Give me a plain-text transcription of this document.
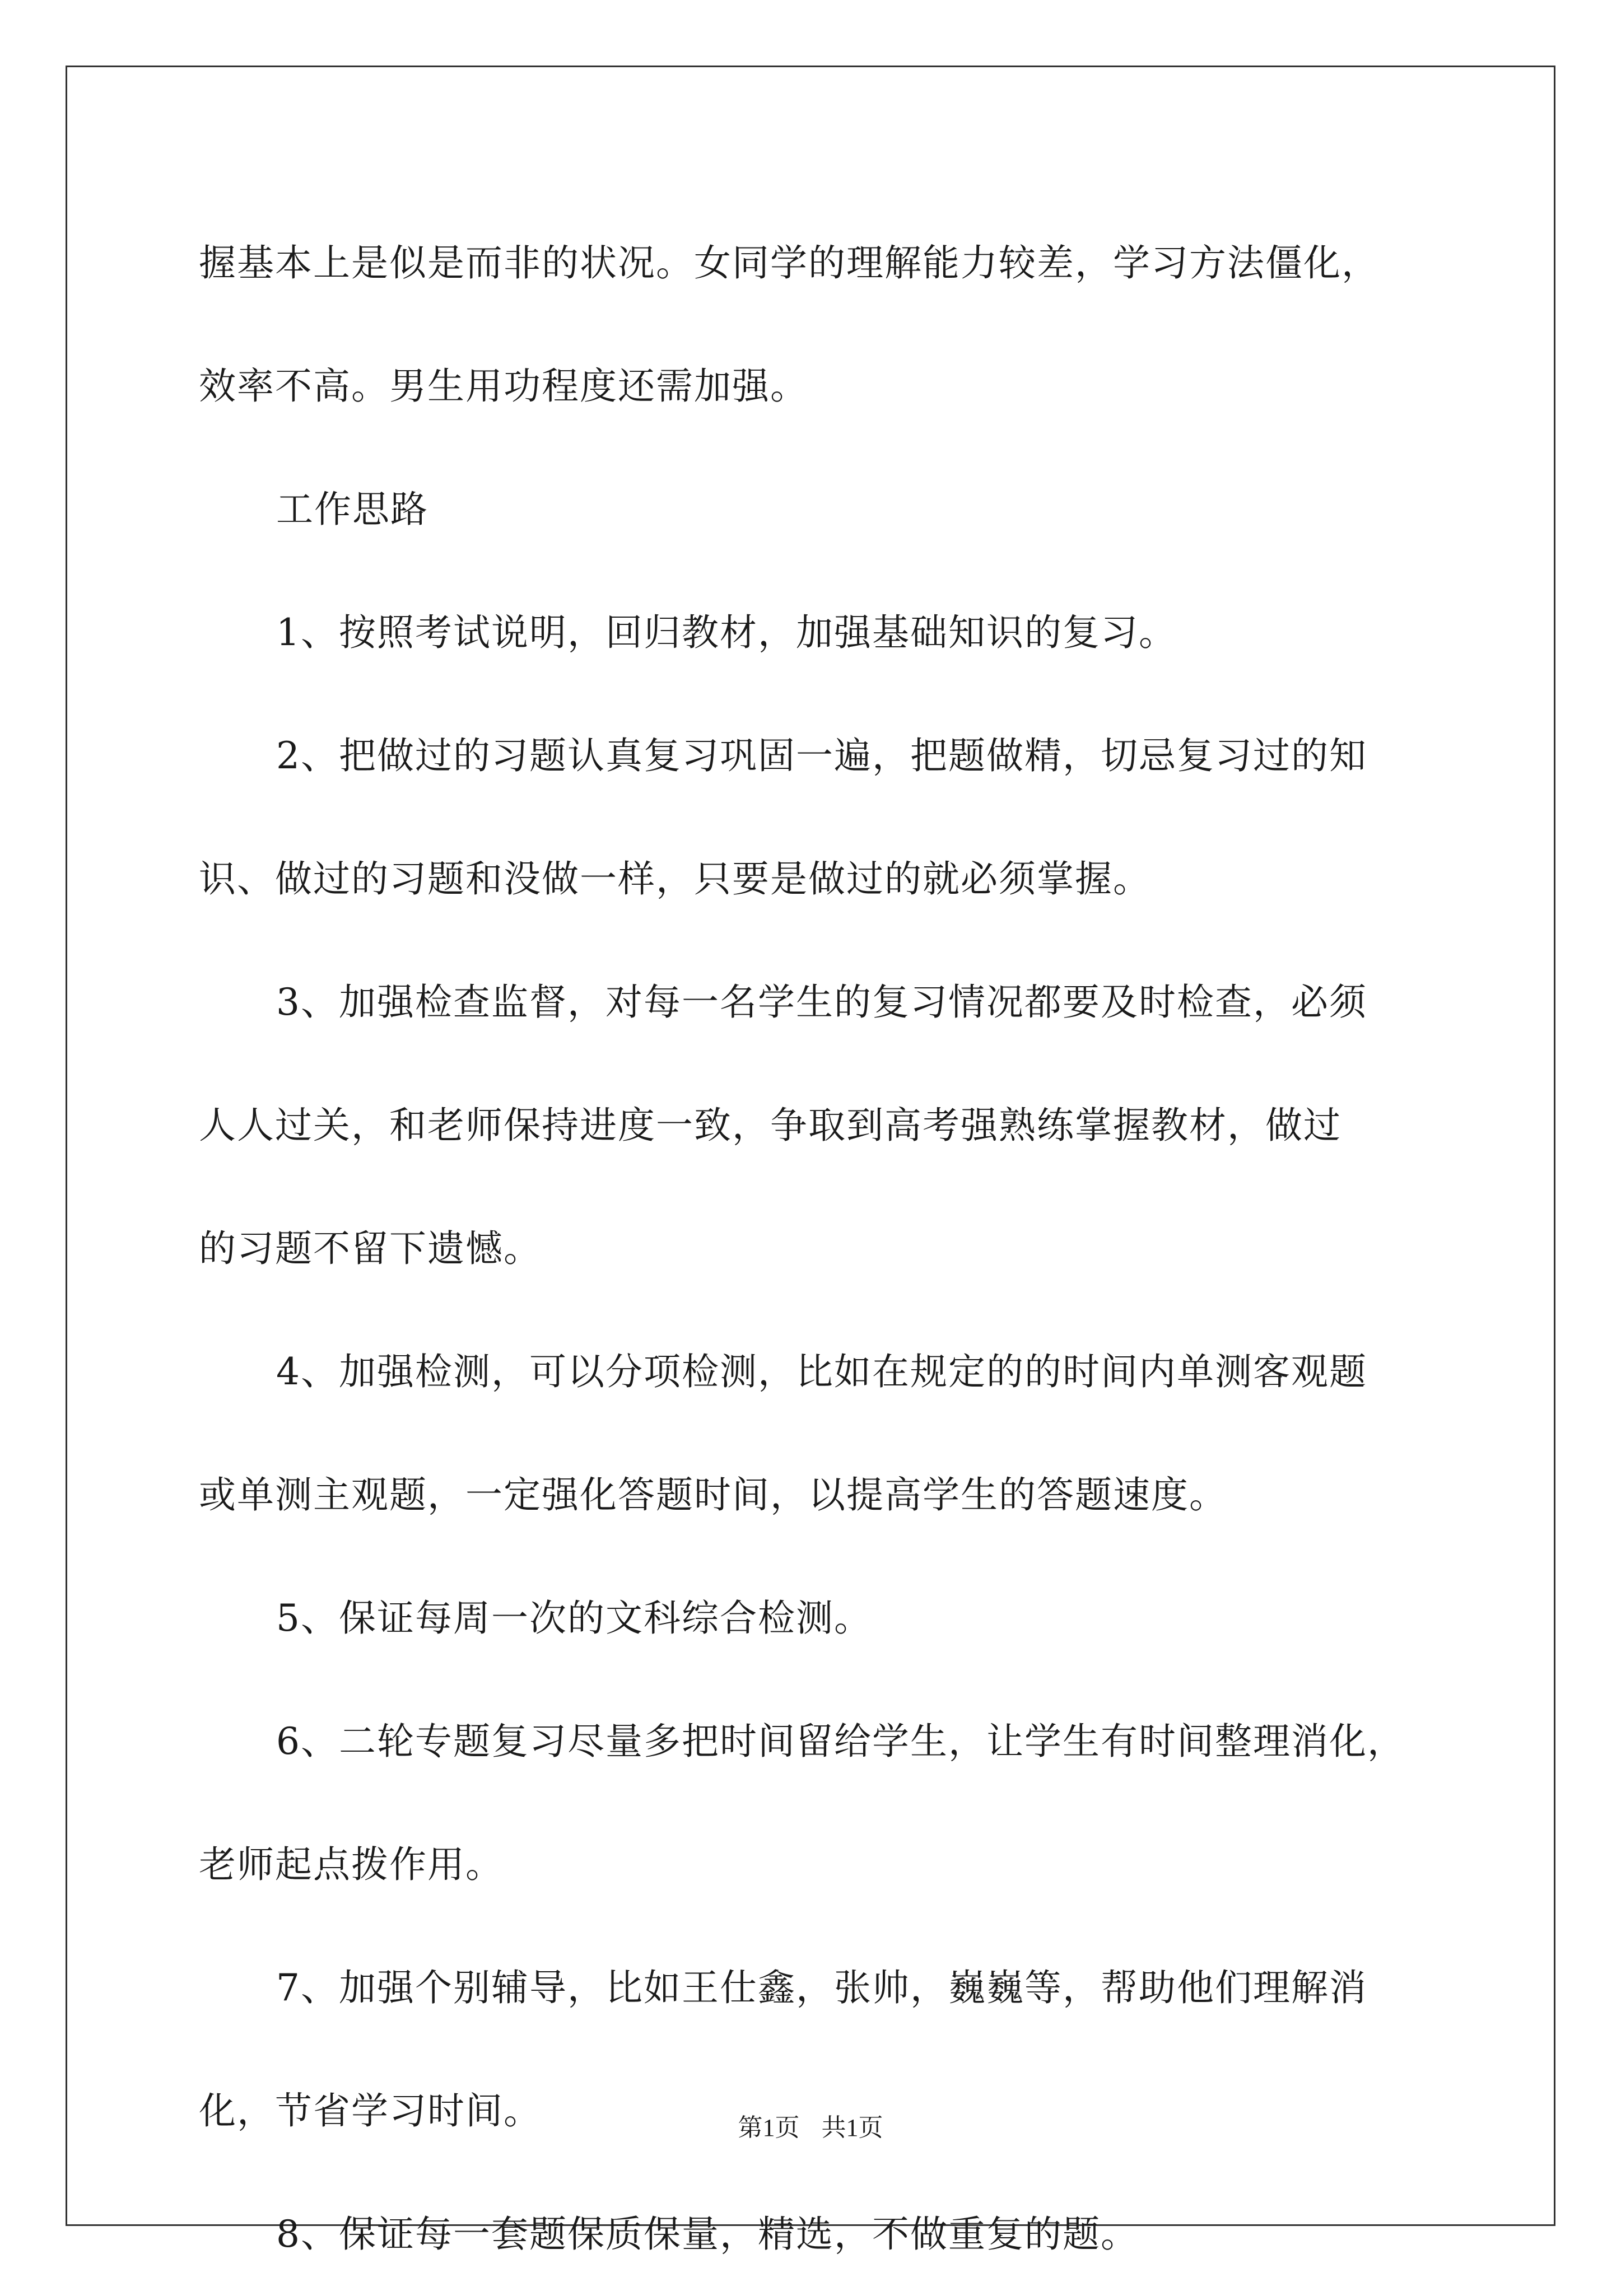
握基本上是似是而非的状况。女同学的理解能力较差，学习方法僵化，

效率不高。男生用功程度还需加强。

工作思路

1、按照考试说明，回归教材，加强基础知识的复习。

2、把做过的习题认真复习巩固一遍，把题做精，切忌复习过的知

识、做过的习题和没做一样，只要是做过的就必须掌握。

3、加强检查监督，对每一名学生的复习情况都要及时检查，必须

人人过关，和老师保持进度一致，争取到高考强熟练掌握教材，做过

的习题不留下遗憾。

4、加强检测，可以分项检测，比如在规定的的时间内单测客观题

或单测主观题，一定强化答题时间，以提高学生的答题速度。

5、保证每周一次的文科综合检测。

6、二轮专题复习尽量多把时间留给学生，让学生有时间整理消化，

老师起点拨作用。

7、加强个别辅导，比如王仕鑫，张帅，巍巍等，帮助他们理解消

化，节省学习时间。

8、保证每一套题保质保量，精选，不做重复的题。

第1页 共1页
